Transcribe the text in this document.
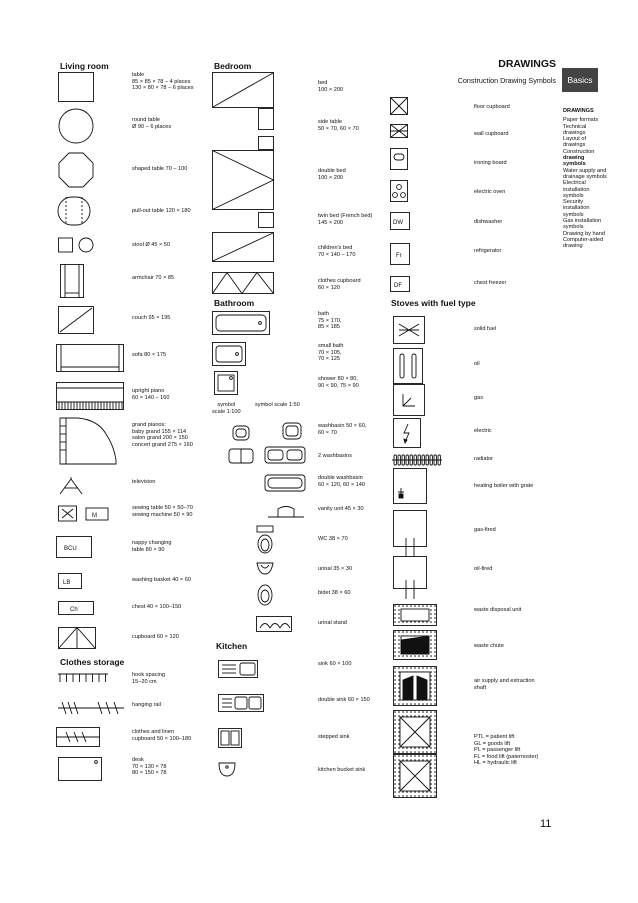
DRAWINGS
Construction Drawing Symbols	Basics
DRAWINGS
Paper formats
Technical
drawings
Layout of
drawings
Construction
drawing
symbols
Water supply and
drainage symbols
Electrical
installation
symbols
Security
installation
symbols
Gas installation
symbols
Drawing by hand
Computer-aided
drawing
Living room	Bedroom
Bathroom
Clothes storage
Kitchen
Stoves with fuel type
table
85 × 85 × 78 – 4 places
130 × 80 × 78 – 6 places
round table
Ø 90 – 6 places
shaped table 70 – 100
pull-out table 120 × 180
stool Ø 45 × 50
armchair 70 × 85
couch 95 × 195
sofa 80 × 175
upright piano
60 × 140 – 160
grand pianos:
baby grand 155 × 114
salon grand 200 × 150
concert grand 275 × 160
television
sewing table 50 × 50–70
sewing machine 50 × 90
nappy changing
table 80 × 90
washing basket 40 × 60
chest 40 × 100–150
cupboard 60 × 120
hook spacing
15–20 cm
hanging rail
clothes and linen
cupboard 50 × 100–180
desk
70 × 130 × 78
80 × 150 × 78
bed
100 × 200
side table
50 × 70, 60 × 70
double bed
100 × 200
twin bed (French bed)
145 × 200
children's bed
70 × 140 – 170
clothes cupboard
60 × 120
bath
75 × 170,
85 × 185
small bath
70 × 105,
70 × 125
shower 80 × 80,
90 × 90, 75 × 90
symbol
scale 1:100
symbol scale 1:50
washbasin 50 × 60,
60 × 70
2 washbasins
double washbasin
60 × 120, 60 × 140
vanity unit 45 × 30
WC 38 × 70
urinal 35 × 30
bidet 38 × 60
urinal stand
sink 60 × 100
double sink 60 × 150
stepped sink
kitchen bucket sink
floor cupboard
wall cupboard
ironing board
electric oven
dishwasher
refrigerator
chest freezer
solid fuel
oil
gas
electric
radiator
heating boiler with grate
gas-fired
oil-fired
waste disposal unit
waste chute
air supply and extraction
shaft
PTL = patient lift
GL = goods lift
PL = passenger lift
FL = food lift (paternoster)
HL = hydraulic lift
11
M
BCU
LB
Ch
DW
Fr
DF
